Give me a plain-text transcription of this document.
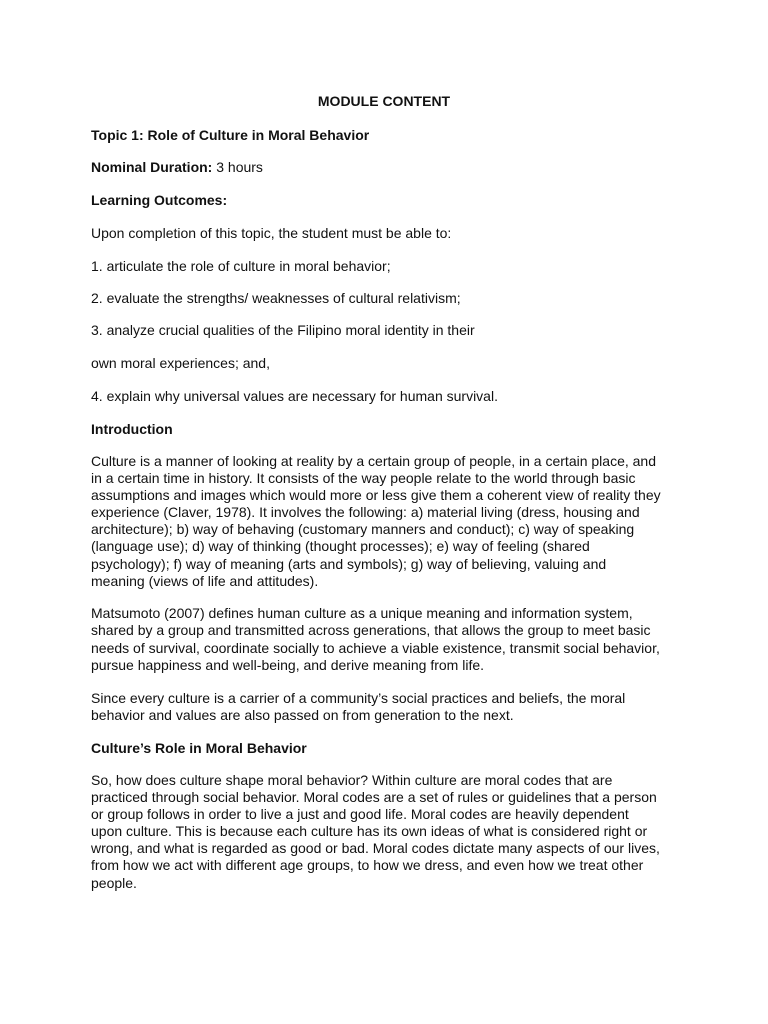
MODULE CONTENT
Topic 1: Role of Culture in Moral Behavior
Nominal Duration: 3 hours
Learning Outcomes:
Upon completion of this topic, the student must be able to:
1. articulate the role of culture in moral behavior;
2. evaluate the strengths/ weaknesses of cultural relativism;
3. analyze crucial qualities of the Filipino moral identity in their
own moral experiences; and,
4. explain why universal values are necessary for human survival.
Introduction
Culture is a manner of looking at reality by a certain group of people, in a certain place, and
in a certain time in history. It consists of the way people relate to the world through basic
assumptions and images which would more or less give them a coherent view of reality they
experience (Claver, 1978). It involves the following: a) material living (dress, housing and
architecture); b) way of behaving (customary manners and conduct); c) way of speaking
(language use); d) way of thinking (thought processes); e) way of feeling (shared
psychology); f) way of meaning (arts and symbols); g) way of believing, valuing and
meaning (views of life and attitudes).
Matsumoto (2007) defines human culture as a unique meaning and information system,
shared by a group and transmitted across generations, that allows the group to meet basic
needs of survival, coordinate socially to achieve a viable existence, transmit social behavior,
pursue happiness and well-being, and derive meaning from life.
Since every culture is a carrier of a community’s social practices and beliefs, the moral
behavior and values are also passed on from generation to the next.
Culture’s Role in Moral Behavior
So, how does culture shape moral behavior? Within culture are moral codes that are
practiced through social behavior. Moral codes are a set of rules or guidelines that a person
or group follows in order to live a just and good life. Moral codes are heavily dependent
upon culture. This is because each culture has its own ideas of what is considered right or
wrong, and what is regarded as good or bad. Moral codes dictate many aspects of our lives,
from how we act with different age groups, to how we dress, and even how we treat other
people.
